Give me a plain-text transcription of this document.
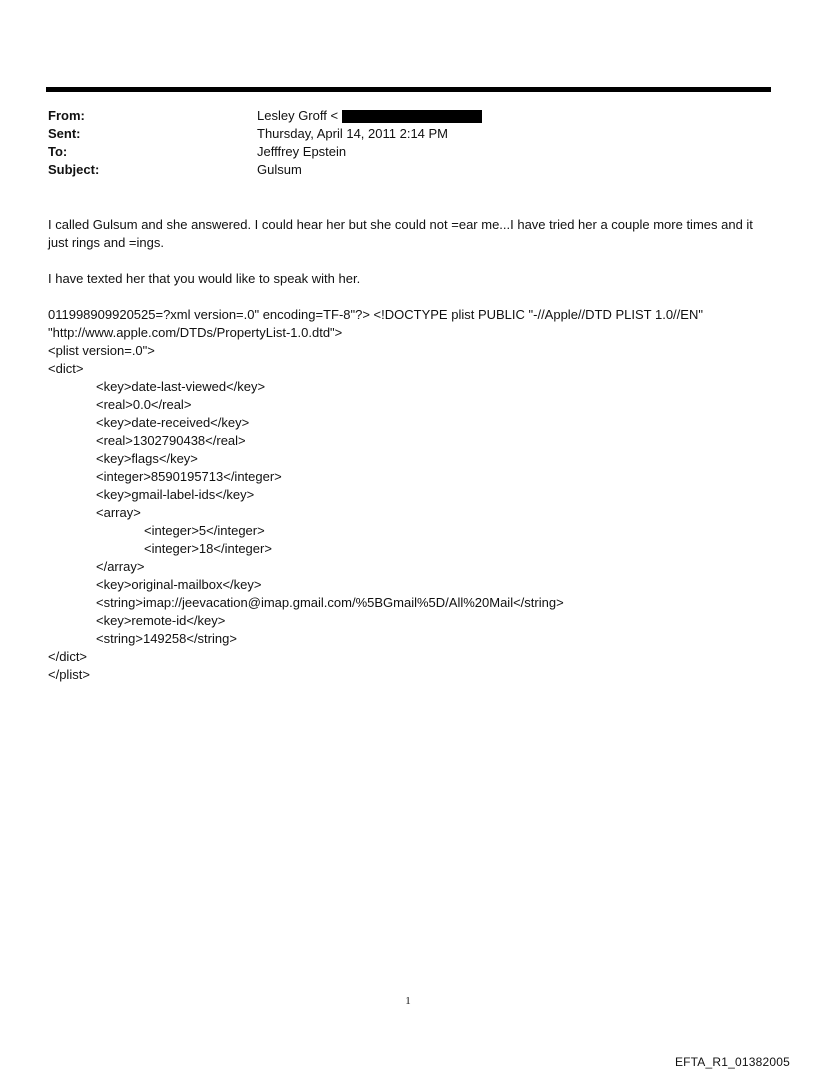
From:	Lesley Groff <
Sent:	Thursday, April 14, 2011 2:14 PM
To:	Jefffrey Epstein
Subject:	Gulsum

I called Gulsum and she answered. I could hear her but she could not =ear me...I have tried her a couple more times and it just rings and =ings.

I have texted her that you would like to speak with her.

011998909920525=?xml version=.0" encoding=TF-8"?> <!DOCTYPE plist PUBLIC "-//Apple//DTD PLIST 1.0//EN"
"http://www.apple.com/DTDs/PropertyList-1.0.dtd">
<plist version=.0">
<dict>
<key>date-last-viewed</key>
<real>0.0</real>
<key>date-received</key>
<real>1302790438</real>
<key>flags</key>
<integer>8590195713</integer>
<key>gmail-label-ids</key>
<array>
<integer>5</integer>
<integer>18</integer>
</array>
<key>original-mailbox</key>
<string>imap://jeevacation@imap.gmail.com/%5BGmail%5D/All%20Mail</string>
<key>remote-id</key>
<string>149258</string>
</dict>
</plist>
1
EFTA_R1_01382005
